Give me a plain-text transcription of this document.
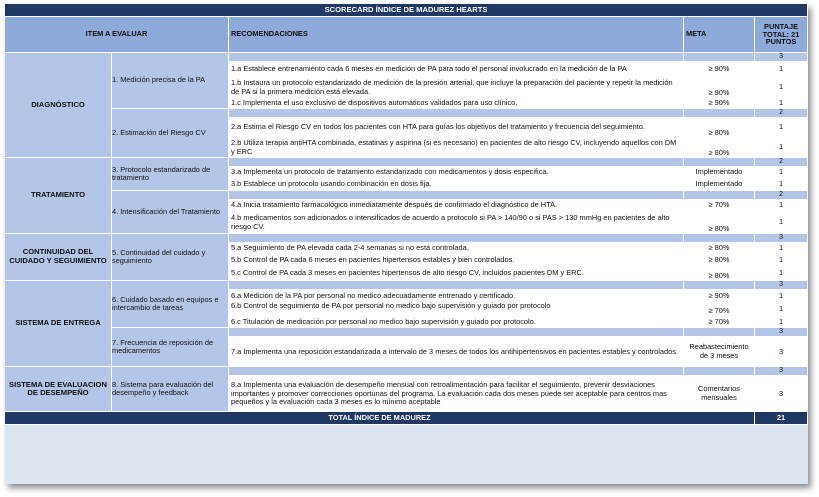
SCORECARD ÍNDICE DE MADUREZ HEARTS				
ITEM A EVALUAR		RECOMENDACIONES	META	PUNTAJE TOTAL: 21 PUNTOS
DIAGNÓSTICO	1. Medición precisa de la PA			3
		1.a Establece entrenamiento cada 6 meses en medición de PA para todo el personal involucrado en la medición de la PA	≥ 90%	1
		1.b Instaura un protocolo estandarizado de medición de la presión arterial, que incluye la preparación del paciente y repetir la medición de PA si la primera medición está elevada.	≥ 90%	1
		1.c Implementa el uso exclusivo de dispositivos automáticos validados para uso clínico.	≥ 90%	1
	2. Estimación del Riesgo CV			2
		2.a Estima el Riesgo CV en todos los pacientes con HTA para guías los objetivos del tratamiento y frecuencia del seguimiento.	≥ 80%	1
		2.b Utiliza terapia antiHTA combinada, estatinas y aspirina (si es necesario) en pacientes de alto riesgo CV, incluyendo aquellos con DM y ERC	≥ 80%	1

TRATAMIENTO	3. Protocolo estandarizado de tratamiento			2
		3.a Implementa un protocolo de tratamiento estandarizado con medicamentos y dosis especifica.	Implementado	1
		3.b Establece un protocolo usando combinación en dosis fija.	Implementado	1
	4. Intensificación del Tratamiento			2
		4.a Inicia tratamiento farmacológico inmediatamente después de confirmado el diagnóstico de HTA.	≥ 70%	1
		4.b medicamentos son adicionados o intensificados de acuerdo a protocolo si PA > 140/90 o si PAS > 130 mmHg en pacientes de alto riesgo CV.	≥ 80%	1

CONTINUIDAD DEL CUIDADO Y SEGUIMIENTO	5. Continuidad del cuidado y seguimiento			3
		5.a Seguimiento de PA elevada cada 2-4 semanas si no está controlada.	≥ 80%	1
		5.b Control de PA cada 6 meses en pacientes hipertensos estables y bien controlados.	≥ 80%	1
		5.c Control de PA cada 3 meses en pacientes hipertensos de alto riesgo CV, incluidos pacientes DM y ERC.	≥ 80%	1
SISTEMA DE ENTREGA	6. Cuidado basado en equipos e intercambio de tareas			3
		6.a Medición de la PA por personal no medico adecuadamente entrenado y certificado.	≥ 90%	1
		6.b Control de seguimiento de PA por personal no medico bajo supervisión y guiado por protocolo	≥ 70%	1
		6.c Titulación de medicación por personal no medico bajo supervisión y guiado por protocolo.	≥ 70%	1
	7. Frecuencia de reposición de medicamentos			3
		7.a Implementa una reposición estandarizada a intervalo de 3 meses de todos los antihipertensivos en pacientes estables y controlados.	Reabastecimiento de 3 meses	3
SISTEMA DE EVALUACION DE DESEMPEÑO	8. Sistema para evaluación del desempeño y feedback			3
		8.a Implementa una evaluación de desempeño mensual con retroalimentación para facilitar el seguimiento, prevenir desviaciones importantes y promover correcciones oportunas del programa. La evaluación cada dos meses puede ser aceptable para centros mas pequeños y la evaluación cada 3 meses es lo mínimo aceptable	Comentarios mensuales	3
TOTAL ÍNDICE DE MADUREZ				21
